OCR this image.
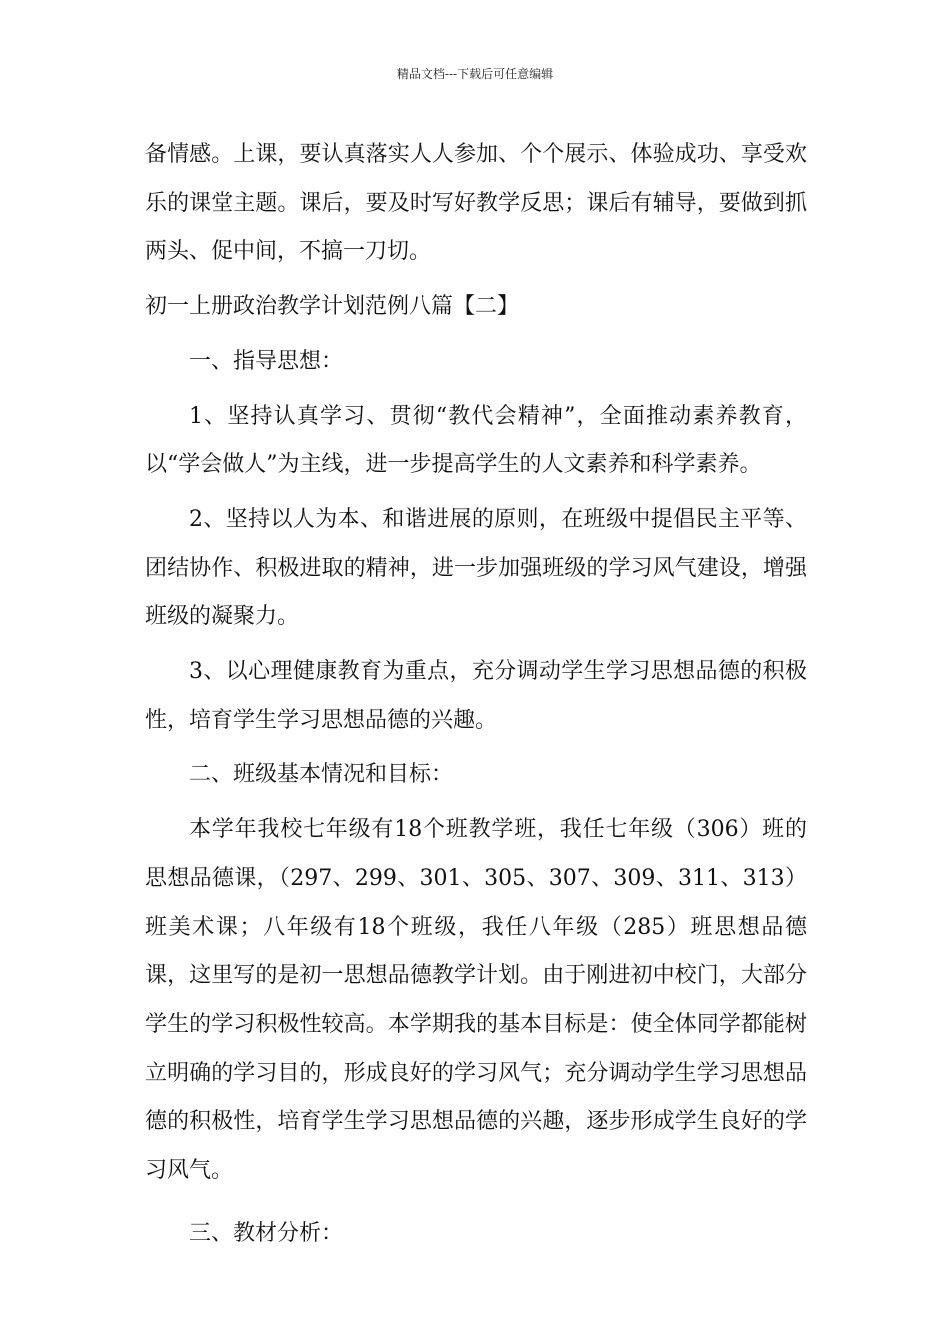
精品文档---下载后可任意编辑

备情感。上课，要认真落实人人参加、个个展示、体验成功、享受欢乐的课堂主题。课后，要及时写好教学反思；课后有辅导，要做到抓两头、促中间，不搞一刀切。

初一上册政治教学计划范例八篇【二】

一、指导思想：

1、坚持认真学习、贯彻“教代会精神”，全面推动素养教育，以“学会做人”为主线，进一步提高学生的人文素养和科学素养。

2、坚持以人为本、和谐进展的原则，在班级中提倡民主平等、团结协作、积极进取的精神，进一步加强班级的学习风气建设，增强班级的凝聚力。

3、以心理健康教育为重点，充分调动学生学习思想品德的积极性，培育学生学习思想品德的兴趣。

二、班级基本情况和目标：

本学年我校七年级有18个班教学班，我任七年级（306）班的思想品德课，（297、299、301、305、307、309、311、313）班美术课；八年级有18个班级，我任八年级（285）班思想品德课，这里写的是初一思想品德教学计划。由于刚进初中校门，大部分学生的学习积极性较高。本学期我的基本目标是：使全体同学都能树立明确的学习目的，形成良好的学习风气；充分调动学生学习思想品德的积极性，培育学生学习思想品德的兴趣，逐步形成学生良好的学习风气。

三、教材分析：
